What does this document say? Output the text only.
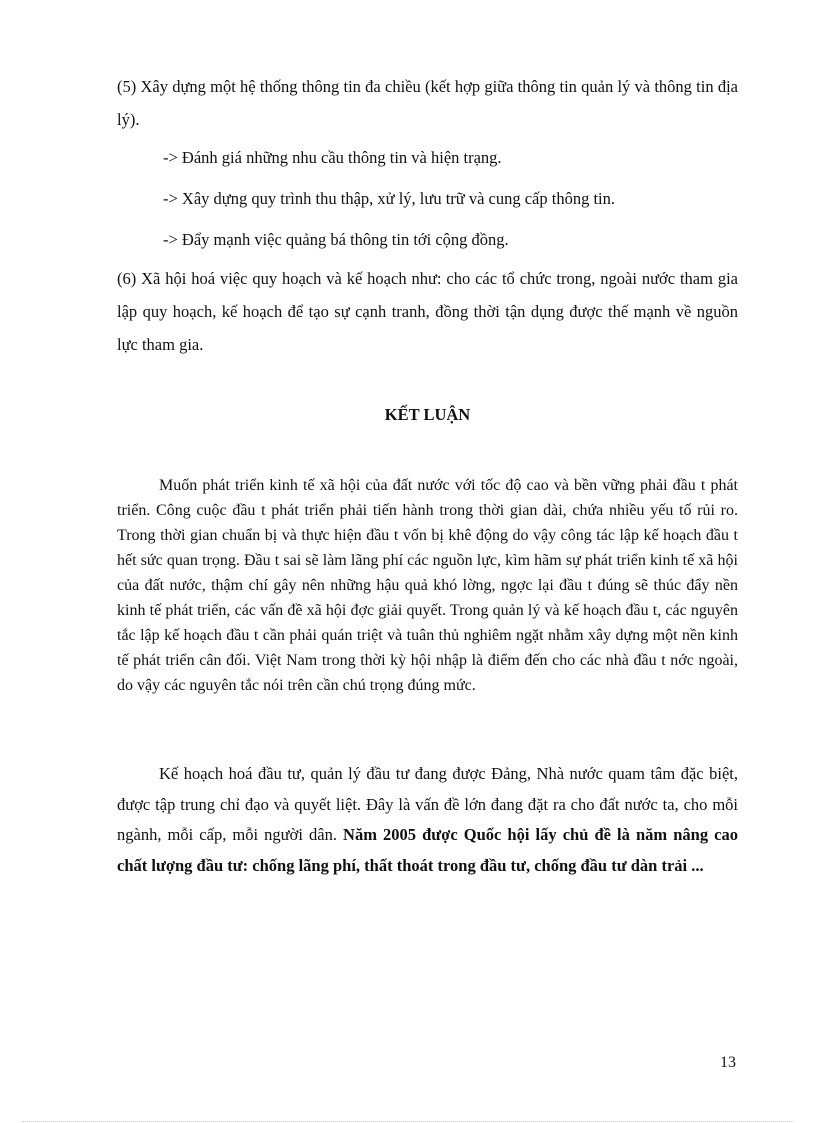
(5) Xây dựng một hệ thống thông tin đa chiều (kết hợp giữa thông tin quản lý và thông tin địa lý).

-> Đánh giá những nhu cầu thông tin và hiện trạng.

-> Xây dựng quy trình thu thập, xử lý, lưu trữ và cung cấp thông tin.

-> Đẩy mạnh việc quảng bá thông tin tới cộng đồng.

(6) Xã hội hoá việc quy hoạch và kế hoạch như: cho các tổ chức trong, ngoài nước tham gia lập quy hoạch, kế hoạch để tạo sự cạnh tranh, đồng thời tận dụng được thế mạnh về nguồn lực tham gia.

KẾT LUẬN

Muốn phát triển kinh tế xã hội của đất nước với tốc độ cao và bền vững phải đầu t phát triển. Công cuộc đầu t phát triển phải tiến hành trong thời gian dài, chứa nhiều yếu tố rủi ro. Trong thời gian chuẩn bị và thực hiện đầu t vốn bị khê động do vậy công tác lập kế hoạch đầu t hết sức quan trọng. Đầu t sai sẽ làm lãng phí các nguồn lực, kìm hãm sự phát triển kinh tế xã hội của đất nước, thậm chí gây nên những hậu quả khó lờng, ngợc lại đầu t đúng sẽ thúc đẩy nền kinh tế phát triển, các vấn đề xã hội đợc giải quyết. Trong quản lý và kế hoạch đầu t, các nguyên tắc lập kế hoạch đầu t cần phải quán triệt và tuân thủ nghiêm ngặt nhằm xây dựng một nền kinh tế phát triển cân đối. Việt Nam trong thời kỳ hội nhập là điểm đến cho các nhà đầu t nớc ngoài, do vậy các nguyên tắc nói trên cần chú trọng đúng mức.

Kế hoạch hoá đầu tư, quản lý đầu tư đang được Đảng, Nhà nước quam tâm đặc biệt, được tập trung chỉ đạo và quyết liệt. Đây là vấn đề lớn đang đặt ra cho đất nước ta, cho mỗi ngành, mỗi cấp, mỗi người dân. Năm 2005 được Quốc hội lấy chủ đề là năm nâng cao chất lượng đầu tư: chống lãng phí, thất thoát trong đầu tư, chống đầu tư dàn trải ...

13
